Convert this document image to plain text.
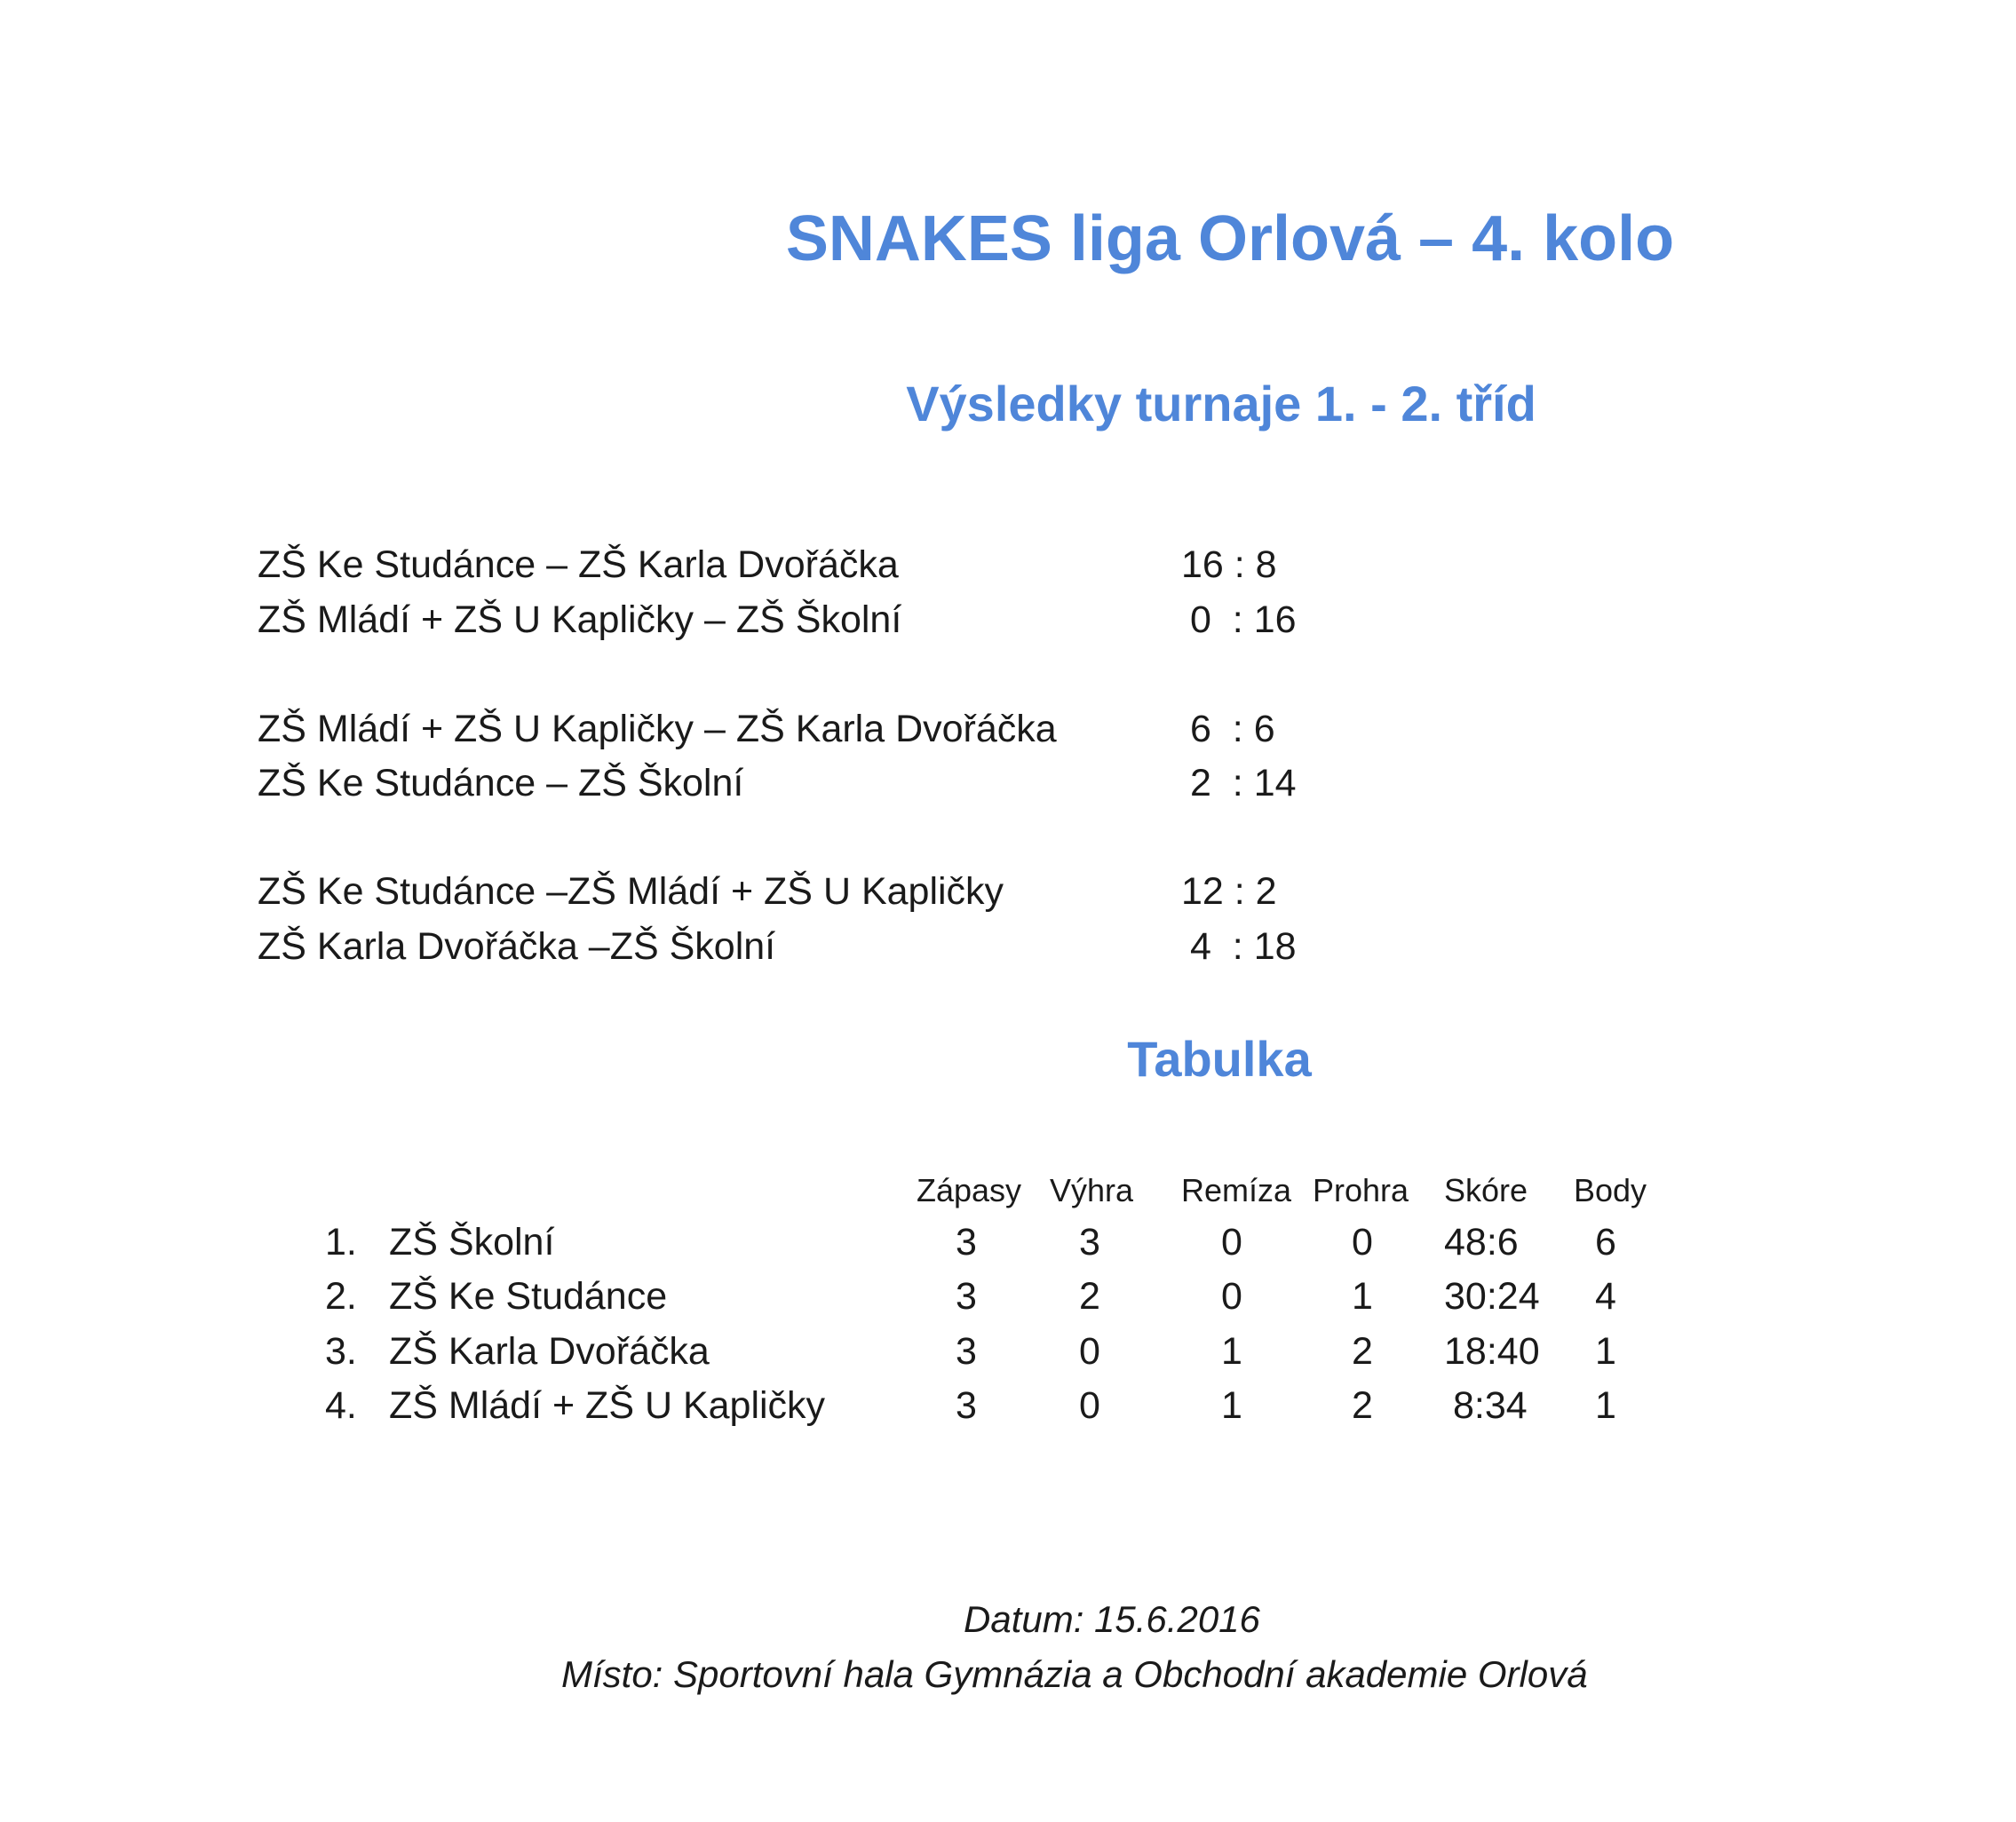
SNAKES liga Orlová – 4. kolo
Výsledky turnaje 1. - 2. tříd
ZŠ Ke Studánce – ZŠ Karla Dvořáčka	16 : 8
ZŠ Mládí + ZŠ U Kapličky – ZŠ Školní	0  : 16
ZŠ Mládí + ZŠ U Kapličky – ZŠ Karla Dvořáčka	6  : 6
ZŠ Ke Studánce – ZŠ Školní	2  : 14
ZŠ Ke Studánce –ZŠ Mládí + ZŠ U Kapličky	12 : 2
ZŠ Karla Dvořáčka –ZŠ Školní	4  : 18
Tabulka
Zápasy Výhra Remíza Prohra Skóre Body
1. ZŠ Školní	3	3	0	0 48:6 6
2. ZŠ Ke Studánce	3	2	0	1 30:24 4
3. ZŠ Karla Dvořáčka	3	0	1	2 18:40 1
4. ZŠ Mládí + ZŠ U Kapličky	3	0	1	2 8:34 1
Datum: 15.6.2016
Místo: Sportovní hala Gymnázia a Obchodní akademie Orlová
